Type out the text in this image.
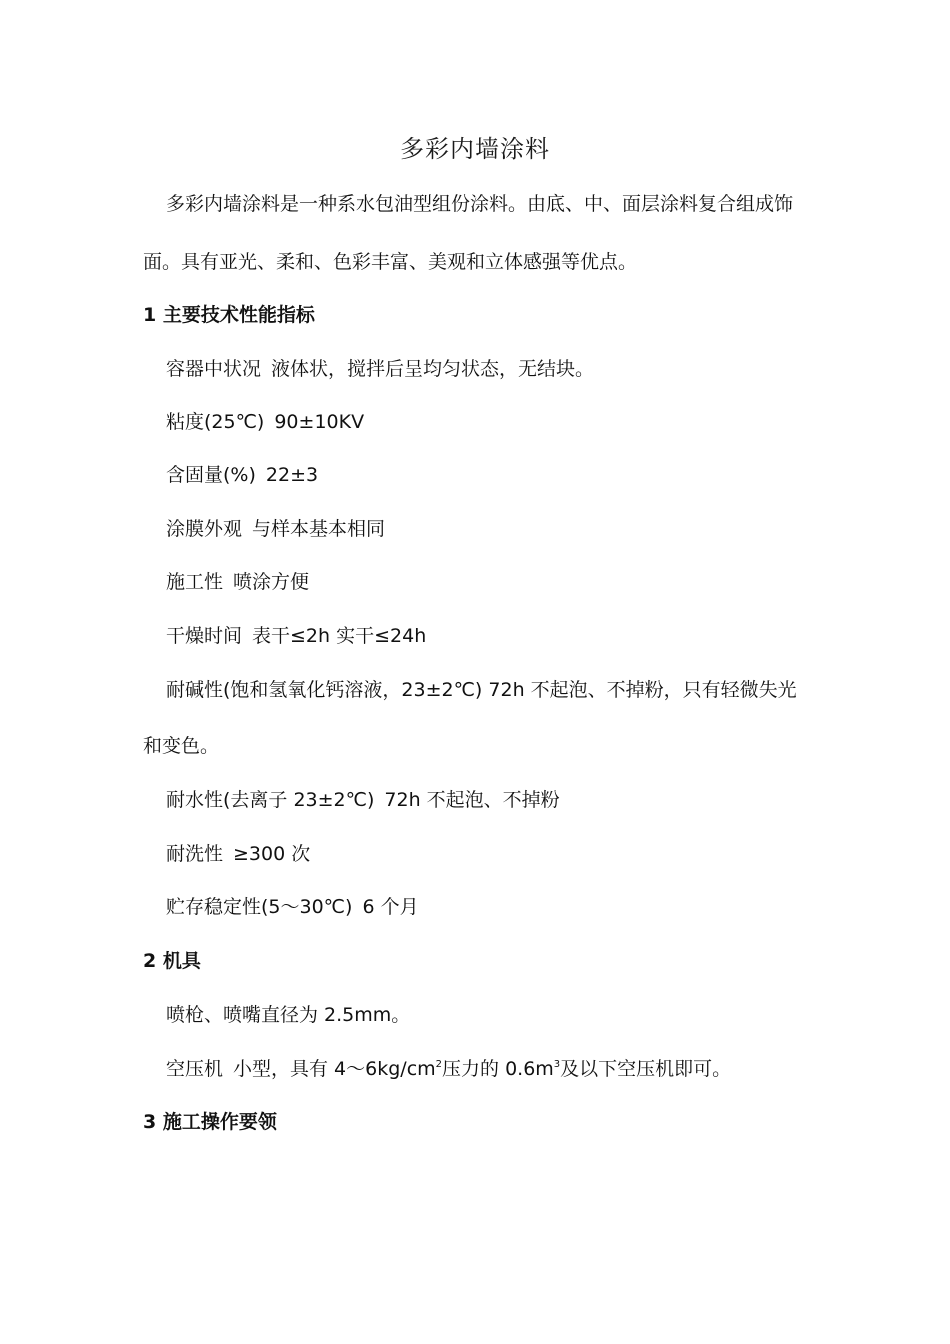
多彩内墙涂料
多彩内墙涂料是一种系水包油型组份涂料。由底、中、面层涂料复合组成饰
面。具有亚光、柔和、色彩丰富、美观和立体感强等优点。
1 主要技术性能指标
容器中状况 液体状，搅拌后呈均匀状态，无结块。
粘度(25℃) 90±10KV
含固量(%) 22±3
涂膜外观 与样本基本相同
施工性 喷涂方便
干燥时间 表干≤2h 实干≤24h
耐碱性(饱和氢氧化钙溶液，23±2℃) 72h 不起泡、不掉粉，只有轻微失光
和变色。
耐水性(去离子 23±2℃) 72h 不起泡、不掉粉
耐洗性 ≥300 次
贮存稳定性(5～30℃) 6 个月
2 机具
喷枪、喷嘴直径为 2.5mm。
空压机 小型，具有 $4\sim 6kg/cm^2$压力的 $0.6m^3$及以下空压机即可。
3 施工操作要领
